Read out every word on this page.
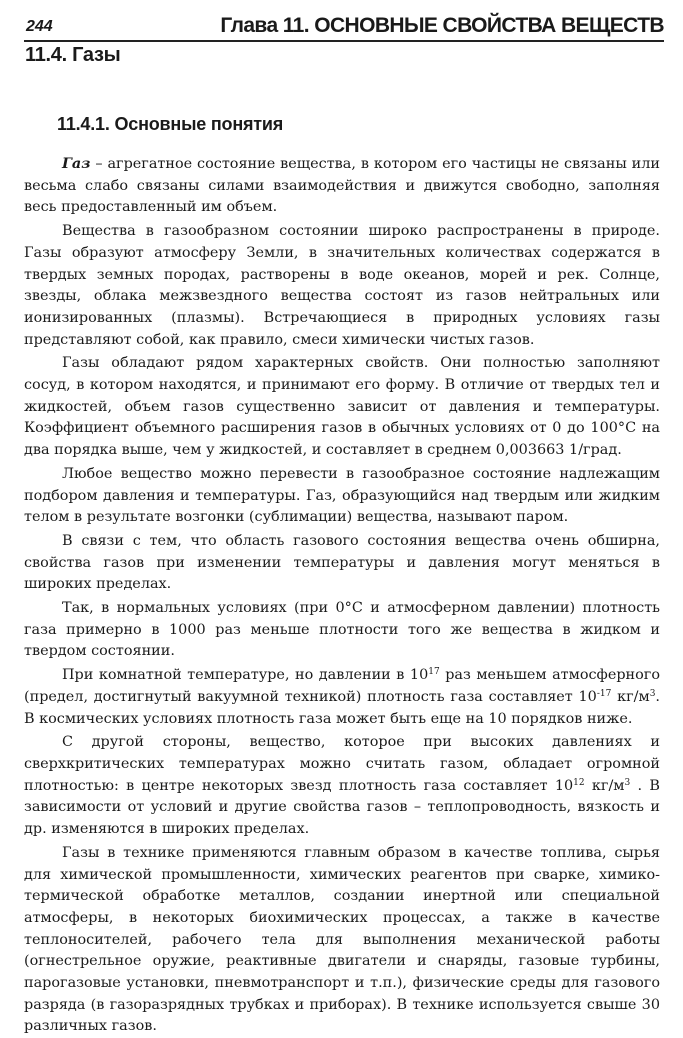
244	Глава 11. ОСНОВНЫЕ СВОЙСТВА ВЕЩЕСТВ
11.4. Газы
11.4.1. Основные понятия

Газ – агрегатное состояние вещества, в котором его частицы не связаны или весьма слабо связаны силами взаимодействия и движутся свободно, заполняя весь предоставленный им объем.

Вещества в газообразном состоянии широко распространены в природе. Газы образуют атмосферу Земли, в значительных количествах содержатся в твердых земных породах, растворены в воде океанов, морей и рек. Солнце, звезды, облака межзвездного вещества состоят из газов нейтральных или ионизированных (плазмы). Встречающиеся в природных условиях газы представляют собой, как правило, смеси химически чистых газов.

Газы обладают рядом характерных свойств. Они полностью заполняют сосуд, в котором находятся, и принимают его форму. В отличие от твердых тел и жидкостей, объем газов существенно зависит от давления и температуры. Коэффициент объемного расширения газов в обычных условиях от 0 до 100°С на два порядка выше, чем у жидкостей, и составляет в среднем 0,003663 1/град.

Любое вещество можно перевести в газообразное состояние надлежащим подбором давления и температуры. Газ, образующийся над твердым или жидким телом в результате возгонки (сублимации) вещества, называют паром.

В связи с тем, что область газового состояния вещества очень обширна, свойства газов при изменении температуры и давления могут меняться в широких пределах.

Так, в нормальных условиях (при 0°С и атмосферном давлении) плотность газа примерно в 1000 раз меньше плотности того же вещества в жидком и твердом состоянии.

При комнатной температуре, но давлении в $10^{17}$ раз меньшем атмосферного (предел, достигнутый вакуумной техникой) плотность газа составляет $10^{-17}$ $кг/м^3$. В космических условиях плотность газа может быть еще на 10 порядков ниже.

С другой стороны, вещество, которое при высоких давлениях и сверхкритических температурах можно считать газом, обладает огромной плотностью: в центре некоторых звезд плотность газа составляет $10^{12}$ $кг/м^3$ . В зависимости от условий и другие свойства газов – теплопроводность, вязкость и др. изменяются в широких пределах.

Газы в технике применяются главным образом в качестве топлива, сырья для химической промышленности, химических реагентов при сварке, химико-термической обработке металлов, создании инертной или специальной атмосферы, в некоторых биохимических процессах, а также в качестве теплоносителей, рабочего тела для выполнения механической работы (огнестрельное оружие, реактивные двигатели и снаряды, газовые турбины, парогазовые установки, пневмотранспорт и т.п.), физические среды для газового разряда (в газоразрядных трубках и приборах). В технике используется свыше 30 различных газов.
